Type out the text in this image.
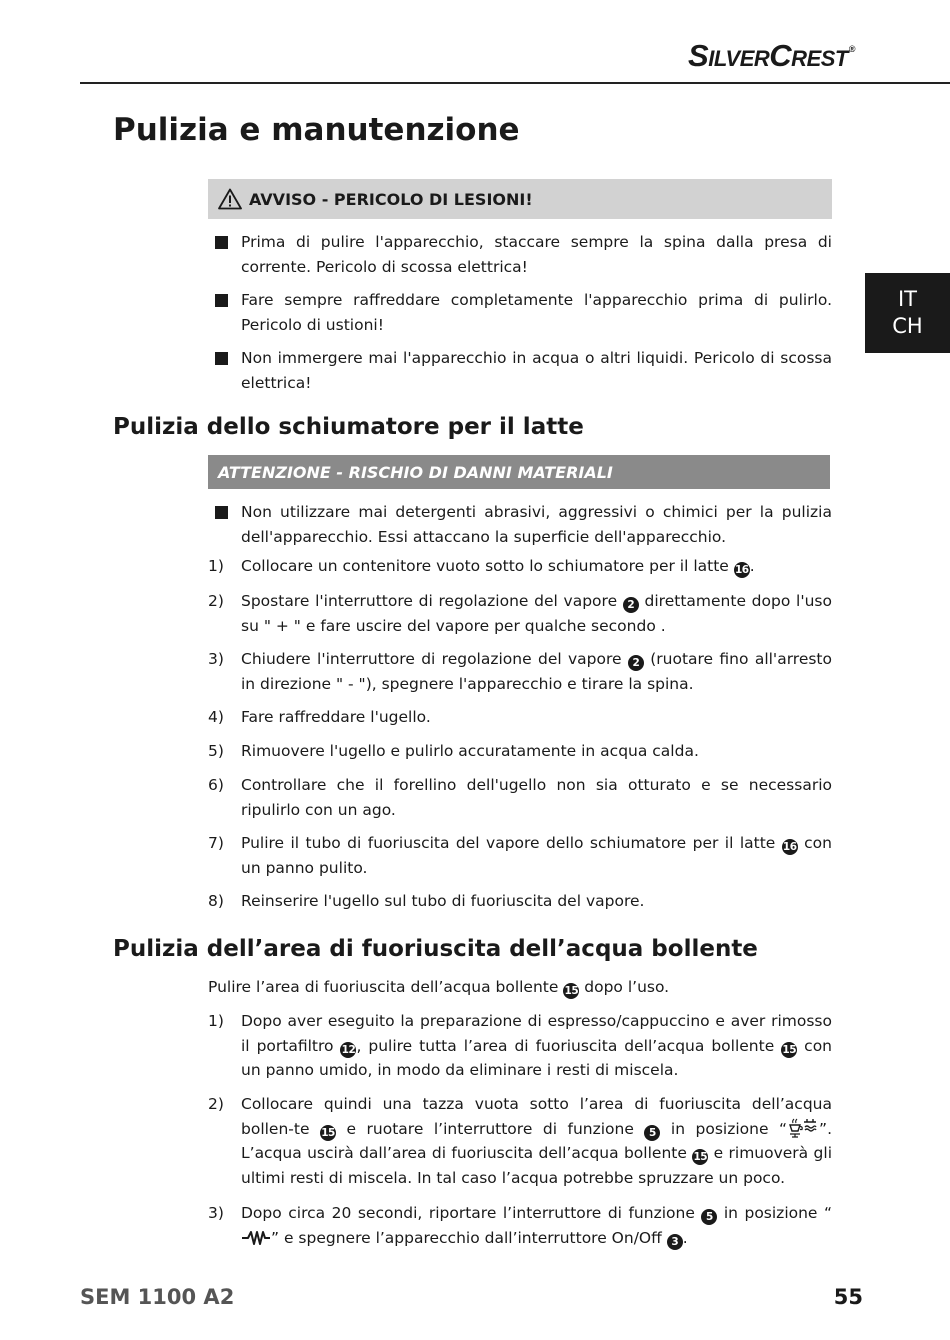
SilverCrest®
IT
CH
Pulizia e manutenzione
AVVISO - PERICOLO DI LESIONI!
Prima di pulire l'apparecchio, staccare sempre la spina dalla presa di corrente. Pericolo di scossa elettrica!
Fare sempre raffreddare completamente l'apparecchio prima di pulirlo. Pericolo di ustioni!
Non immergere mai l'apparecchio in acqua o altri liquidi. Pericolo di scossa elettrica!
Pulizia dello schiumatore per il latte
ATTENZIONE - RISCHIO DI DANNI MATERIALI
Non utilizzare mai detergenti abrasivi, aggressivi o chimici per la pulizia dell'apparecchio. Essi attaccano la superficie dell'apparecchio.
1)	Collocare un contenitore vuoto sotto lo schiumatore per il latte 16.
2)	Spostare l'interruttore di regolazione del vapore 2 direttamente dopo l'uso su " + " e fare uscire del vapore per qualche secondo .
3)	Chiudere l'interruttore di regolazione del vapore 2 (ruotare fino all'arresto in direzione " - "), spegnere l'apparecchio e tirare la spina.
4)	Fare raffreddare l'ugello.
5)	Rimuovere l'ugello e pulirlo accuratamente in acqua calda.
6)	Controllare che il forellino dell'ugello non sia otturato e se necessario ripulirlo con un ago.
7)	Pulire il tubo di fuoriuscita del vapore dello schiumatore per il latte 16 con un panno pulito.
8)	Reinserire l'ugello sul tubo di fuoriuscita del vapore.
Pulizia dell’area di fuoriuscita dell’acqua bollente
Pulire l’area di fuoriuscita dell’acqua bollente 15 dopo l’uso.
1)	Dopo aver eseguito la preparazione di espresso/cappuccino e aver rimosso il portafiltro 12, pulire tutta l’area di fuoriuscita dell’acqua bollente 15 con un panno umido, in modo da eliminare i resti di miscela.
2)	Collocare quindi una tazza vuota sotto l’area di fuoriuscita dell’acqua bollen-te 15 e ruotare l’interruttore di funzione 5 in posizione “ ”. L’acqua uscirà dall’area di fuoriuscita dell’acqua bollente 15 e rimuoverà gli ultimi resti di miscela. In tal caso l’acqua potrebbe spruzzare un poco.
3)	Dopo circa 20 secondi, riportare l’interruttore di funzione 5 in posizione “” e spegnere l’apparecchio dall’interruttore On/Off 3 .
SEM 1100 A2	55
